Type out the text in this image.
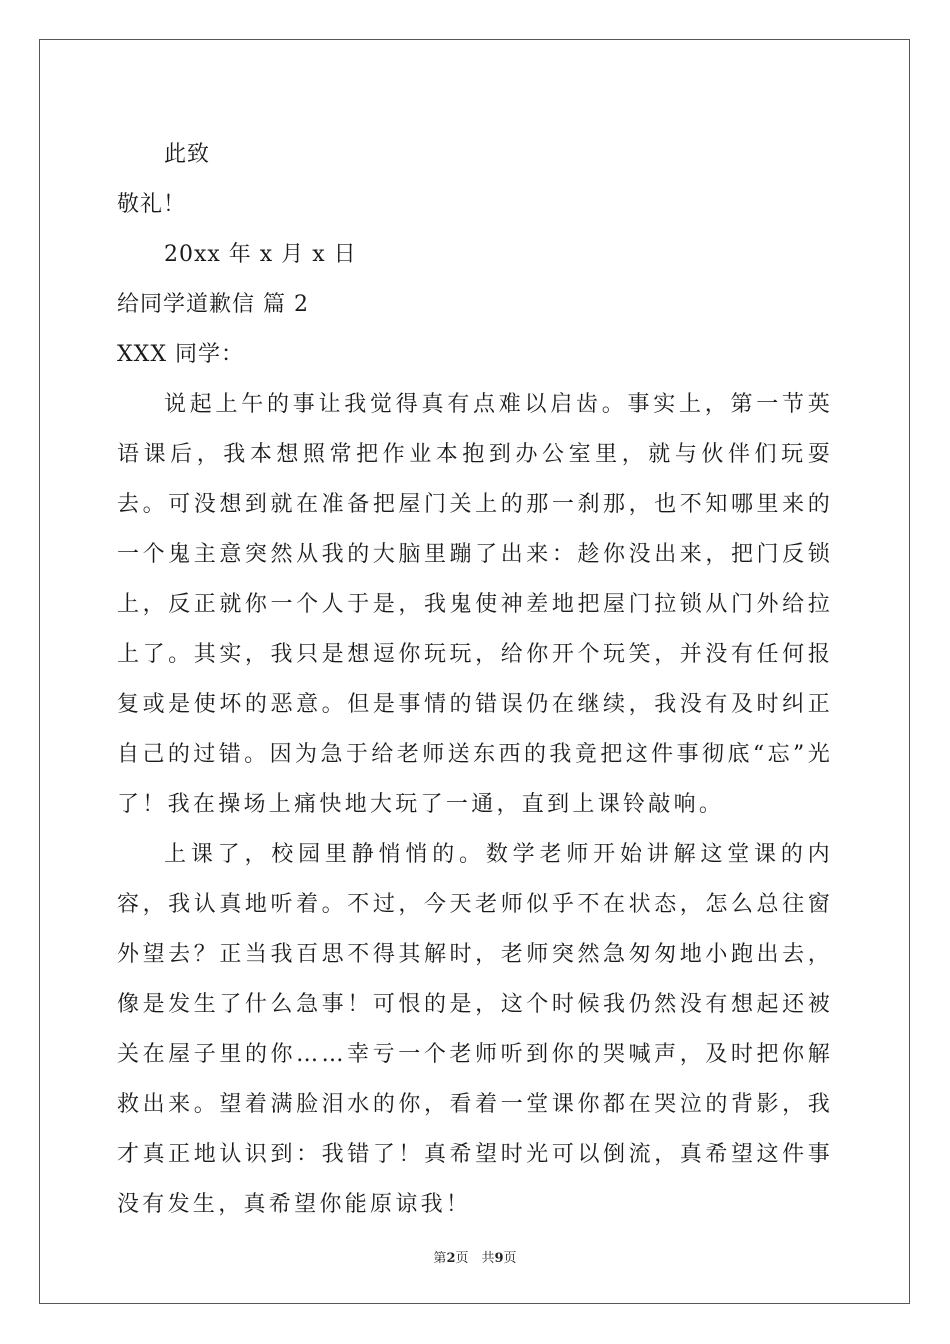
此致
敬礼！
20xx 年 x 月 x 日
给同学道歉信 篇 2
XXX 同学：

说起上午的事让我觉得真有点难以启齿。事实上，第一节英语课后，我本想照常把作业本抱到办公室里，就与伙伴们玩耍去。可没想到就在准备把屋门关上的那一刹那，也不知哪里来的一个鬼主意突然从我的大脑里蹦了出来：趁你没出来，把门反锁上，反正就你一个人于是，我鬼使神差地把屋门拉锁从门外给拉上了。其实，我只是想逗你玩玩，给你开个玩笑，并没有任何报复或是使坏的恶意。但是事情的错误仍在继续，我没有及时纠正自己的过错。因为急于给老师送东西的我竟把这件事彻底“忘”光了！我在操场上痛快地大玩了一通，直到上课铃敲响。

上课了，校园里静悄悄的。数学老师开始讲解这堂课的内容，我认真地听着。不过，今天老师似乎不在状态，怎么总往窗外望去？正当我百思不得其解时，老师突然急匆匆地小跑出去，像是发生了什么急事！可恨的是，这个时候我仍然没有想起还被关在屋子里的你……幸亏一个老师听到你的哭喊声，及时把你解救出来。望着满脸泪水的你，看着一堂课你都在哭泣的背影，我才真正地认识到：我错了！真希望时光可以倒流，真希望这件事没有发生，真希望你能原谅我！

第2页　共9页
